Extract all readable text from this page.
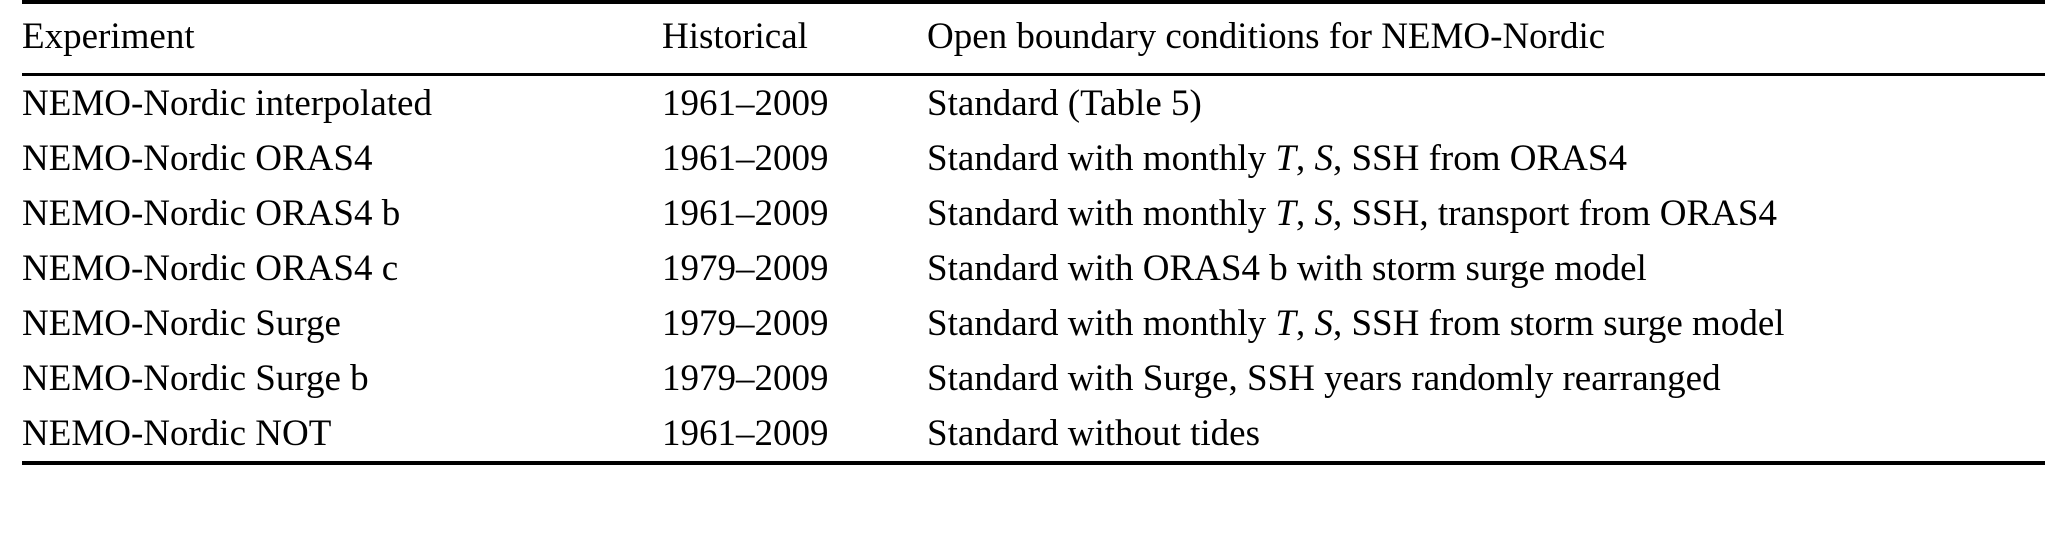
Experiment	Historical	Open boundary conditions for NEMO-Nordic
NEMO-Nordic interpolated	1961–2009	Standard (Table 5)
NEMO-Nordic ORAS4	1961–2009	Standard with monthly T, S, SSH from ORAS4
NEMO-Nordic ORAS4 b	1961–2009	Standard with monthly T, S, SSH, transport from ORAS4
NEMO-Nordic ORAS4 c	1979–2009	Standard with ORAS4 b with storm surge model
NEMO-Nordic Surge	1979–2009	Standard with monthly T, S, SSH from storm surge model
NEMO-Nordic Surge b	1979–2009	Standard with Surge, SSH years randomly rearranged
NEMO-Nordic NOT	1961–2009	Standard without tides
